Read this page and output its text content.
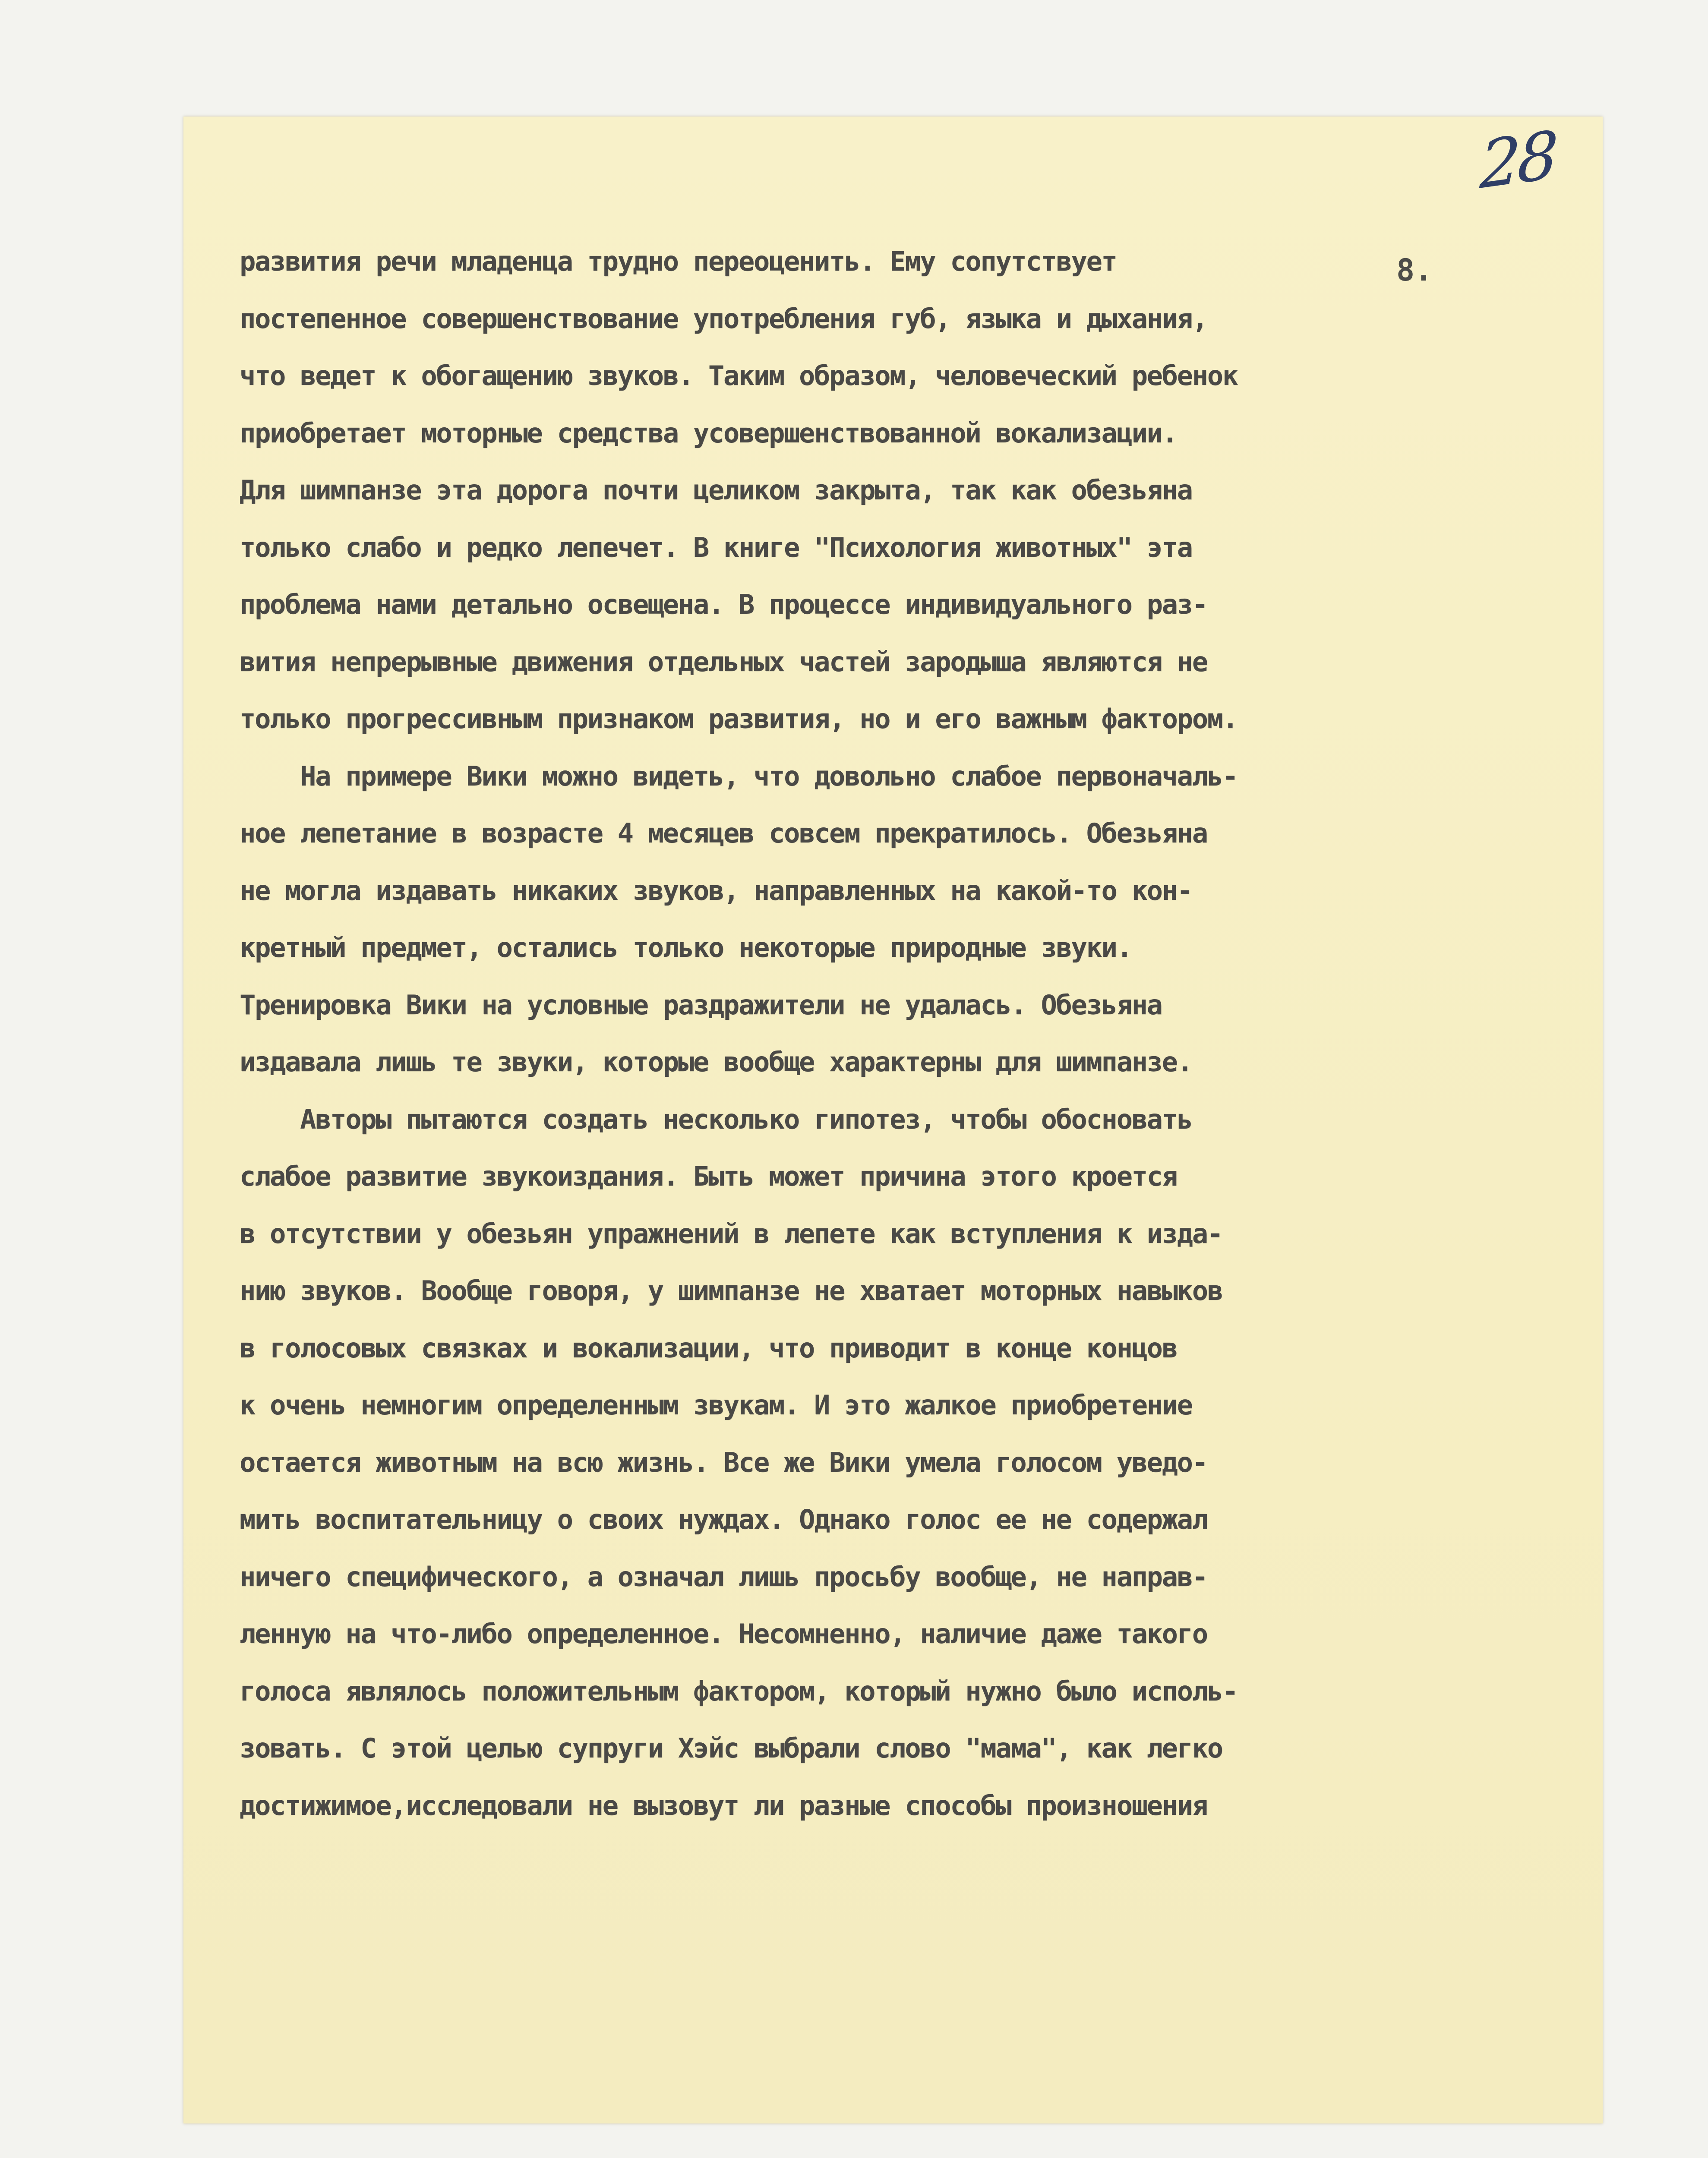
28
8.
развития речи младенца трудно переоценить. Ему сопутствует
постепенное совершенствование употребления губ, языка и дыхания,
что ведет к обогащению звуков. Таким образом, человеческий ребенок
приобретает моторные средства усовершенствованной вокализации.
Для шимпанзе эта дорога почти целиком закрыта, так как обезьяна
только слабо и редко лепечет. В книге "Психология животных" эта
проблема нами детально освещена. В процессе индивидуального раз-
вития непрерывные движения отдельных частей зародыша являются не
только прогрессивным признаком развития, но и его важным фактором.
На примере Вики можно видеть, что довольно слабое первоначаль-
ное лепетание в возрасте 4 месяцев совсем прекратилось. Обезьяна
не могла издавать никаких звуков, направленных на какой-то кон-
кретный предмет, остались только некоторые природные звуки.
Тренировка Вики на условные раздражители не удалась. Обезьяна
издавала лишь те звуки, которые вообще характерны для шимпанзе.
Авторы пытаются создать несколько гипотез, чтобы обосновать
слабое развитие звукоиздания. Быть может причина этого кроется
в отсутствии у обезьян упражнений в лепете как вступления к изда-
нию звуков. Вообще говоря, у шимпанзе не хватает моторных навыков
в голосовых связках и вокализации, что приводит в конце концов
к очень немногим определенным звукам. И это жалкое приобретение
остается животным на всю жизнь. Все же Вики умела голосом уведо-
мить воспитательницу о своих нуждах. Однако голос ее не содержал
ничего специфического, а означал лишь просьбу вообще, не направ-
ленную на что-либо определенное. Несомненно, наличие даже такого
голоса являлось положительным фактором, который нужно было исполь-
зовать. С этой целью супруги Хэйс выбрали слово "мама", как легко
достижимое,исследовали не вызовут ли разные способы произношения
